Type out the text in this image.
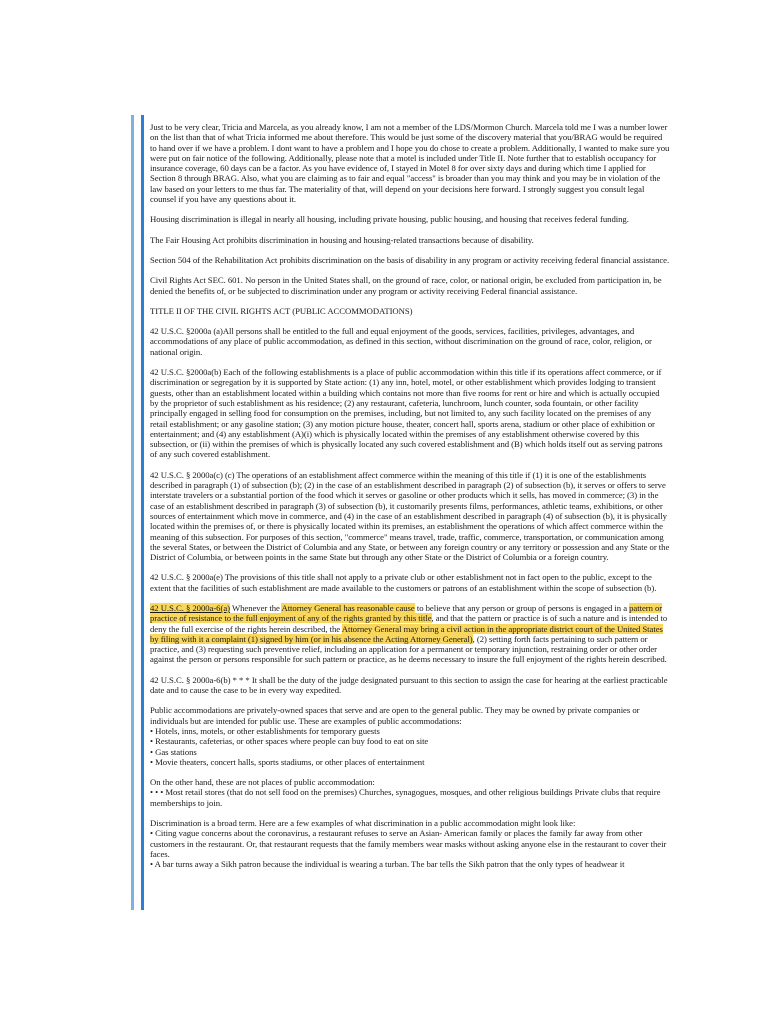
Just to be very clear, Tricia and Marcela, as you already know, I am not a member of the LDS/Mormon Church. Marcela told me I was a number lower on the list than that of what Tricia informed me about therefore. This would be just some of the discovery material that you/BRAG would be required to hand over if we have a problem. I dont want to have a problem and I hope you do chose to create a problem. Additionally, I wanted to make sure you were put on fair notice of the following. Additionally, please note that a motel is included under Title II. Note further that to establish occupancy for insurance coverage, 60 days can be a factor. As you have evidence of, I stayed in Motel 8 for over sixty days and during which time I applied for Section 8 through BRAG. Also, what you are claiming as to fair and equal "access" is broader than you may think and you may be in violation of the law based on your letters to me thus far. The materiality of that, will depend on your decisions here forward. I strongly suggest you consult legal counsel if you have any questions about it.

Housing discrimination is illegal in nearly all housing, including private housing, public housing, and housing that receives federal funding.

The Fair Housing Act prohibits discrimination in housing and housing-related transactions because of disability.

Section 504 of the Rehabilitation Act prohibits discrimination on the basis of disability in any program or activity receiving federal financial assistance.

Civil Rights Act SEC. 601. No person in the United States shall, on the ground of race, color, or national origin, be excluded from participation in, be denied the benefits of, or be subjected to discrimination under any program or activity receiving Federal financial assistance.

TITLE II OF THE CIVIL RIGHTS ACT (PUBLIC ACCOMMODATIONS)

42 U.S.C. §2000a (a)All persons shall be entitled to the full and equal enjoyment of the goods, services, facilities, privileges, advantages, and accommodations of any place of public accommodation, as defined in this section, without discrimination on the ground of race, color, religion, or national origin.

42 U.S.C. §2000a(b) Each of the following establishments is a place of public accommodation within this title if its operations affect commerce, or if discrimination or segregation by it is supported by State action: (1) any inn, hotel, motel, or other establishment which provides lodging to transient guests, other than an establishment located within a building which contains not more than five rooms for rent or hire and which is actually occupied by the proprietor of such establishment as his residence; (2) any restaurant, cafeteria, lunchroom, lunch counter, soda fountain, or other facility principally engaged in selling food for consumption on the premises, including, but not limited to, any such facility located on the premises of any retail establishment; or any gasoline station; (3) any motion picture house, theater, concert hall, sports arena, stadium or other place of exhibition or entertainment; and (4) any establishment (A)(i) which is physically located within the premises of any establishment otherwise covered by this subsection, or (ii) within the premises of which is physically located any such covered establishment and (B) which holds itself out as serving patrons of any such covered establishment.

42 U.S.C. § 2000a(c) (c) The operations of an establishment affect commerce within the meaning of this title if (1) it is one of the establishments described in paragraph (1) of subsection (b); (2) in the case of an establishment described in paragraph (2) of subsection (b), it serves or offers to serve interstate travelers or a substantial portion of the food which it serves or gasoline or other products which it sells, has moved in commerce; (3) in the case of an establishment described in paragraph (3) of subsection (b), it customarily presents films, performances, athletic teams, exhibitions, or other sources of entertainment which move in commerce, and (4) in the case of an establishment described in paragraph (4) of subsection (b), it is physically located within the premises of, or there is physically located within its premises, an establishment the operations of which affect commerce within the meaning of this subsection. For purposes of this section, "commerce" means travel, trade, traffic, commerce, transportation, or communication among the several States, or between the District of Columbia and any State, or between any foreign country or any territory or possession and any State or the District of Columbia, or between points in the same State but through any other State or the District of Columbia or a foreign country.

42 U.S.C. § 2000a(e) The provisions of this title shall not apply to a private club or other establishment not in fact open to the public, except to the extent that the facilities of such establishment are made available to the customers or patrons of an establishment within the scope of subsection (b).

42 U.S.C. § 2000a-6(a) Whenever the Attorney General has reasonable cause to believe that any person or group of persons is engaged in a pattern or practice of resistance to the full enjoyment of any of the rights granted by this title, and that the pattern or practice is of such a nature and is intended to deny the full exercise of the rights herein described, the Attorney General may bring a civil action in the appropriate district court of the United States by filing with it a complaint (1) signed by him (or in his absence the Acting Attorney General), (2) setting forth facts pertaining to such pattern or practice, and (3) requesting such preventive relief, including an application for a permanent or temporary injunction, restraining order or other order against the person or persons responsible for such pattern or practice, as he deems necessary to insure the full enjoyment of the rights herein described.

42 U.S.C. § 2000a-6(b) * * * It shall be the duty of the judge designated pursuant to this section to assign the case for hearing at the earliest practicable date and to cause the case to be in every way expedited.

Public accommodations are privately-owned spaces that serve and are open to the general public. They may be owned by private companies or individuals but are intended for public use. These are examples of public accommodations:
• Hotels, inns, motels, or other establishments for temporary guests
• Restaurants, cafeterias, or other spaces where people can buy food to eat on site
• Gas stations
• Movie theaters, concert halls, sports stadiums, or other places of entertainment

On the other hand, these are not places of public accommodation:
• • • Most retail stores (that do not sell food on the premises) Churches, synagogues, mosques, and other religious buildings Private clubs that require memberships to join.

Discrimination is a broad term. Here are a few examples of what discrimination in a public accommodation might look like:
• Citing vague concerns about the coronavirus, a restaurant refuses to serve an Asian- American family or places the family far away from other customers in the restaurant. Or, that restaurant requests that the family members wear masks without asking anyone else in the restaurant to cover their faces.
• A bar turns away a Sikh patron because the individual is wearing a turban. The bar tells the Sikh patron that the only types of headwear it
